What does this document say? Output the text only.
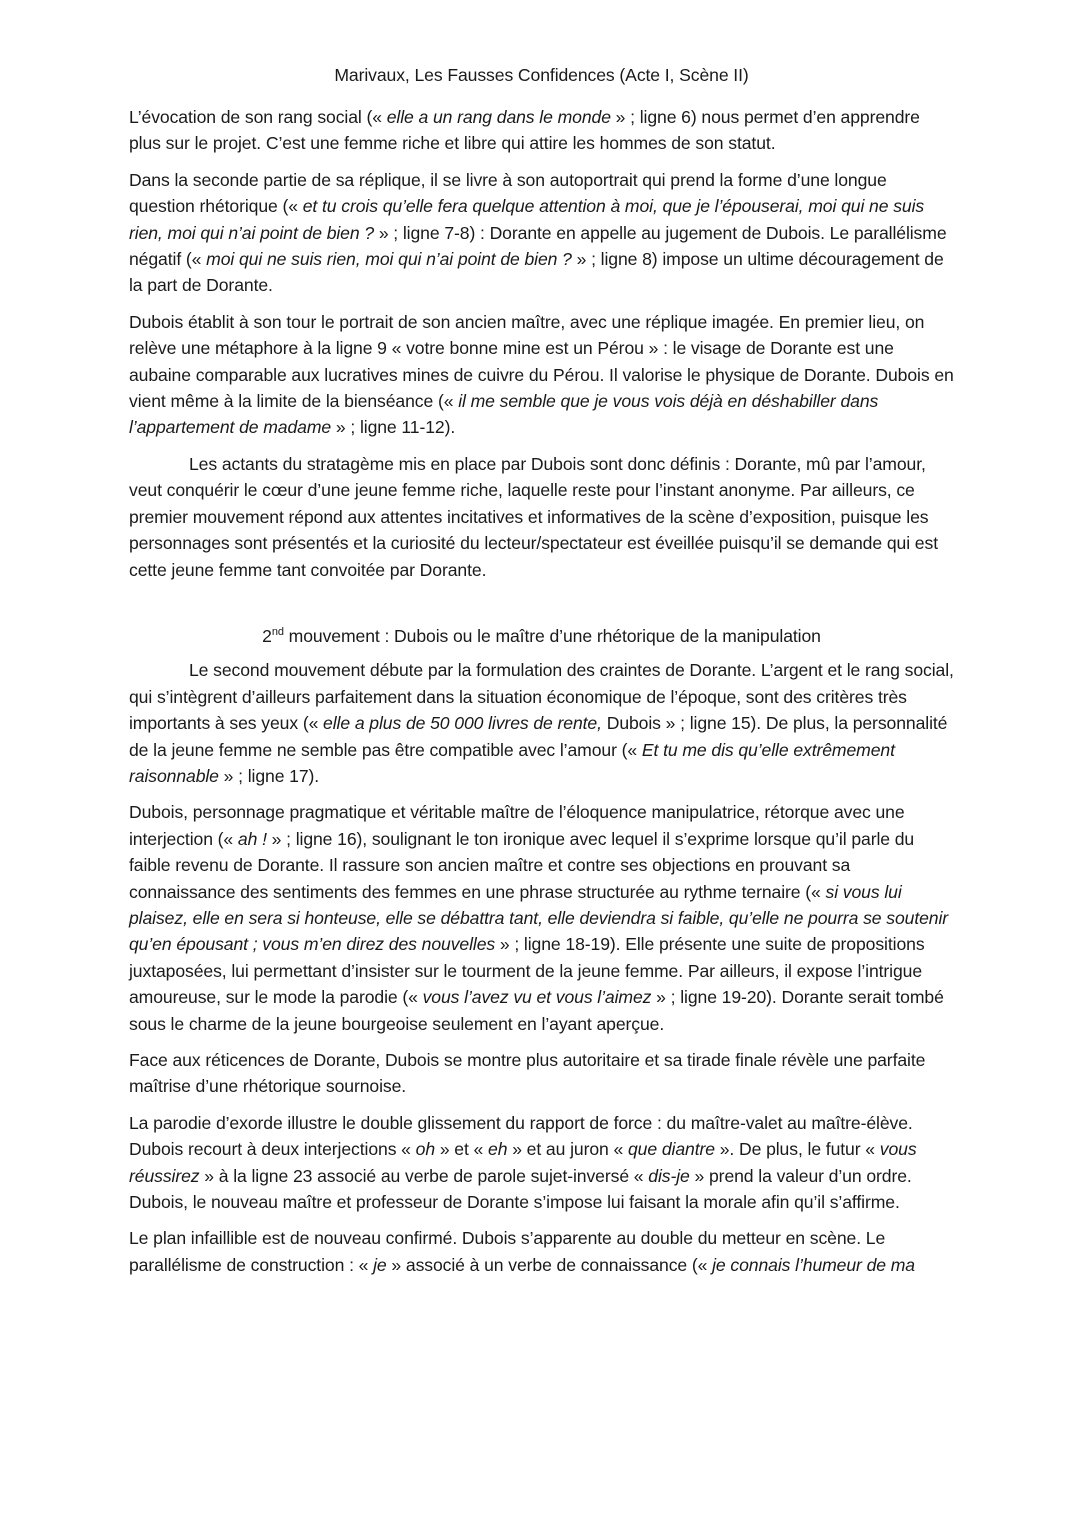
Marivaux, Les Fausses Confidences (Acte I, Scène II)
L’évocation de son rang social (« elle a un rang dans le monde » ; ligne 6) nous permet d’en apprendre plus sur le projet. C’est une femme riche et libre qui attire les hommes de son statut.
Dans la seconde partie de sa réplique, il se livre à son autoportrait qui prend la forme d’une longue question rhétorique (« et tu crois qu’elle fera quelque attention à moi, que je l’épouserai, moi qui ne suis rien, moi qui n’ai point de bien ? » ; ligne 7-8) : Dorante en appelle au jugement de Dubois. Le parallélisme négatif (« moi qui ne suis rien, moi qui n’ai point de bien ? » ; ligne 8) impose un ultime découragement de la part de Dorante.
Dubois établit à son tour le portrait de son ancien maître, avec une réplique imagée. En premier lieu, on relève une métaphore à la ligne 9 « votre bonne mine est un Pérou » : le visage de Dorante est une aubaine comparable aux lucratives mines de cuivre du Pérou. Il valorise le physique de Dorante. Dubois en vient même à la limite de la bienséance (« il me semble que je vous vois déjà en déshabiller dans l’appartement de madame » ; ligne 11-12).
Les actants du stratagème mis en place par Dubois sont donc définis : Dorante, mû par l’amour, veut conquérir le cœur d’une jeune femme riche, laquelle reste pour l’instant anonyme. Par ailleurs, ce premier mouvement répond aux attentes incitatives et informatives de la scène d’exposition, puisque les personnages sont présentés et la curiosité du lecteur/spectateur est éveillée puisqu’il se demande qui est cette jeune femme tant convoitée par Dorante.
2nd mouvement : Dubois ou le maître d’une rhétorique de la manipulation
Le second mouvement débute par la formulation des craintes de Dorante. L’argent et le rang social, qui s’intègrent d’ailleurs parfaitement dans la situation économique de l’époque, sont des critères très importants à ses yeux (« elle a plus de 50 000 livres de rente, Dubois » ; ligne 15). De plus, la personnalité de la jeune femme ne semble pas être compatible avec l’amour (« Et tu me dis qu’elle extrêmement raisonnable » ; ligne 17).
Dubois, personnage pragmatique et véritable maître de l’éloquence manipulatrice, rétorque avec une interjection (« ah ! » ; ligne 16), soulignant le ton ironique avec lequel il s’exprime lorsque qu’il parle du faible revenu de Dorante. Il rassure son ancien maître et contre ses objections en prouvant sa connaissance des sentiments des femmes en une phrase structurée au rythme ternaire (« si vous lui plaisez, elle en sera si honteuse, elle se débattra tant, elle deviendra si faible, qu’elle ne pourra se soutenir qu’en épousant ; vous m’en direz des nouvelles » ; ligne 18-19). Elle présente une suite de propositions juxtaposées, lui permettant d’insister sur le tourment de la jeune femme. Par ailleurs, il expose l’intrigue amoureuse, sur le mode la parodie (« vous l’avez vu et vous l’aimez » ; ligne 19-20). Dorante serait tombé sous le charme de la jeune bourgeoise seulement en l’ayant aperçue.
Face aux réticences de Dorante, Dubois se montre plus autoritaire et sa tirade finale révèle une parfaite maîtrise d’une rhétorique sournoise.
La parodie d’exorde illustre le double glissement du rapport de force : du maître-valet au maître-élève. Dubois recourt à deux interjections « oh » et « eh » et au juron « que diantre ». De plus, le futur « vous réussirez » à la ligne 23 associé au verbe de parole sujet-inversé « dis-je » prend la valeur d’un ordre. Dubois, le nouveau maître et professeur de Dorante s’impose lui faisant la morale afin qu’il s’affirme.
Le plan infaillible est de nouveau confirmé. Dubois s’apparente au double du metteur en scène. Le parallélisme de construction : « je » associé à un verbe de connaissance (« je connais l’humeur de ma
